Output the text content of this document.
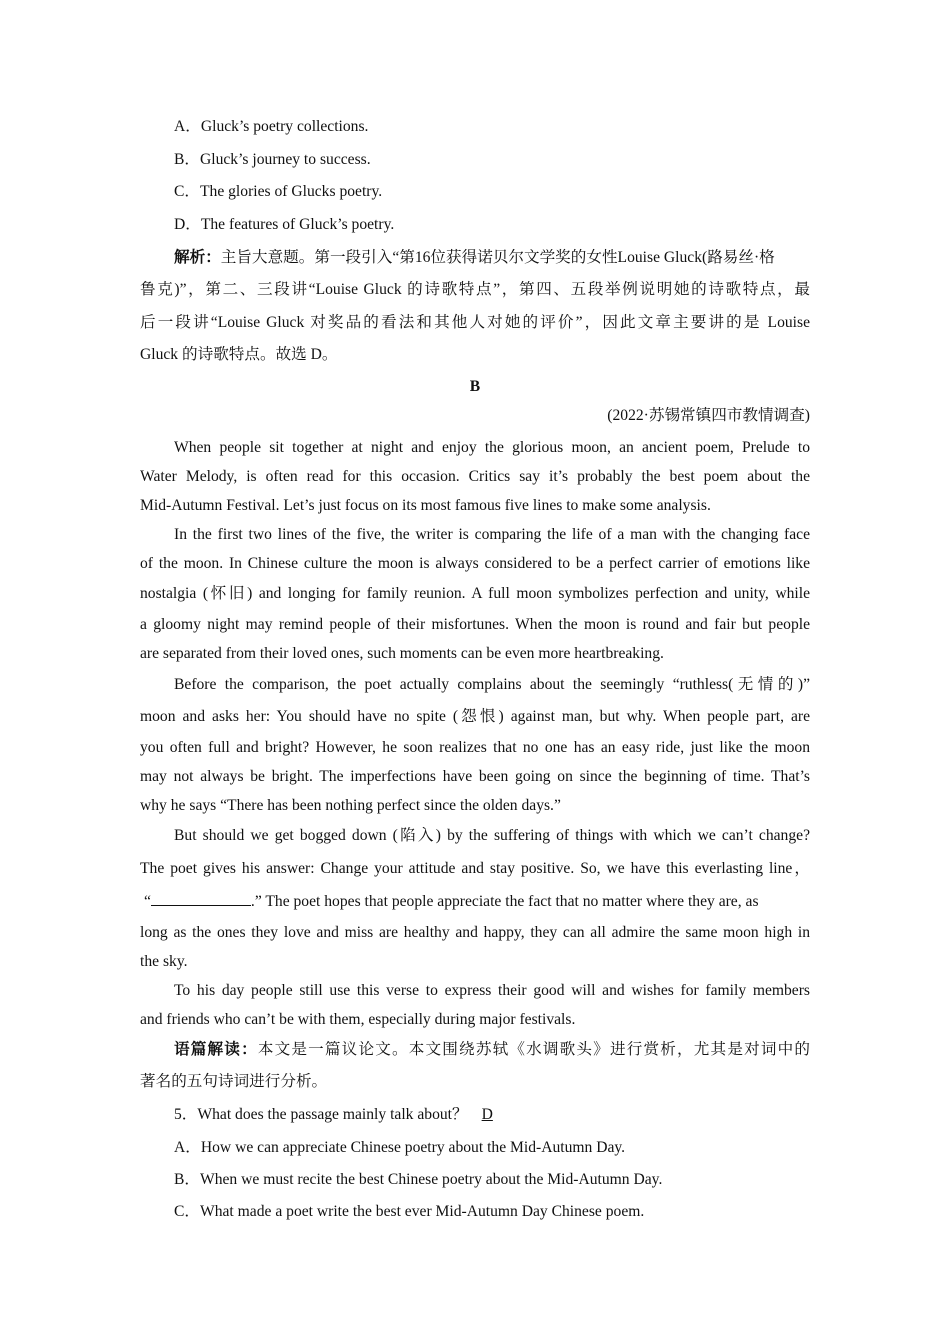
A．Gluck’s poetry collections.
B．Gluck’s journey to success.
C．The glories of Glucks poetry.
D．The features of Gluck’s poetry.
解析：主旨大意题。第一段引入“第16位获得诺贝尔文学奖的女性Louise Gluck(路易丝·格
鲁克)”，第二、三段讲“Louise Gluck 的诗歌特点”，第四、五段举例说明她的诗歌特点，最
后一段讲“Louise Gluck 对奖品的看法和其他人对她的评价”，因此文章主要讲的是 Louise
Gluck 的诗歌特点。故选 D。
B
(2022·苏锡常镇四市教情调查)
When people sit together at night and enjoy the glorious moon, an ancient poem, Prelude to
Water Melody, is often read for this occasion. Critics say it’s probably the best poem about the
Mid-Autumn Festival. Let’s just focus on its most famous five lines to make some analysis.
In the first two lines of the five, the writer is comparing the life of a man with the changing face
of the moon. In Chinese culture the moon is always considered to be a perfect carrier of emotions like
nostalgia (怀旧) and longing for family reunion. A full moon symbolizes perfection and unity, while
a gloomy night may remind people of their misfortunes. When the moon is round and fair but people
are separated from their loved ones, such moments can be even more heartbreaking.
Before the comparison, the poet actually complains about the seemingly “ruthless(无情的)”
moon and asks her: You should have no spite (怨恨) against man, but why. When people part, are
you often full and bright? However, he soon realizes that no one has an easy ride, just like the moon
may not always be bright. The imperfections have been going on since the beginning of time. That’s
why he says “There has been nothing perfect since the olden days.”
But should we get bogged down (陷入) by the suffering of things with which we can’t change?
The poet gives his answer: Change your attitude and stay positive. So, we have this everlasting line，
“	.” The poet hopes that people appreciate the fact that no matter where they are, as
long as the ones they love and miss are healthy and happy, they can all admire the same moon high in
the sky.
To his day people still use this verse to express their good will and wishes for family members
and friends who can’t be with them, especially during major festivals.
语篇解读：本文是一篇议论文。本文围绕苏轼《水调歌头》进行赏析，尤其是对词中的
著名的五句诗词进行分析。
5．What does the passage mainly talk about？ D
A．How we can appreciate Chinese poetry about the Mid-Autumn Day.
B．When we must recite the best Chinese poetry about the Mid-Autumn Day.
C．What made a poet write the best ever Mid-Autumn Day Chinese poem.
